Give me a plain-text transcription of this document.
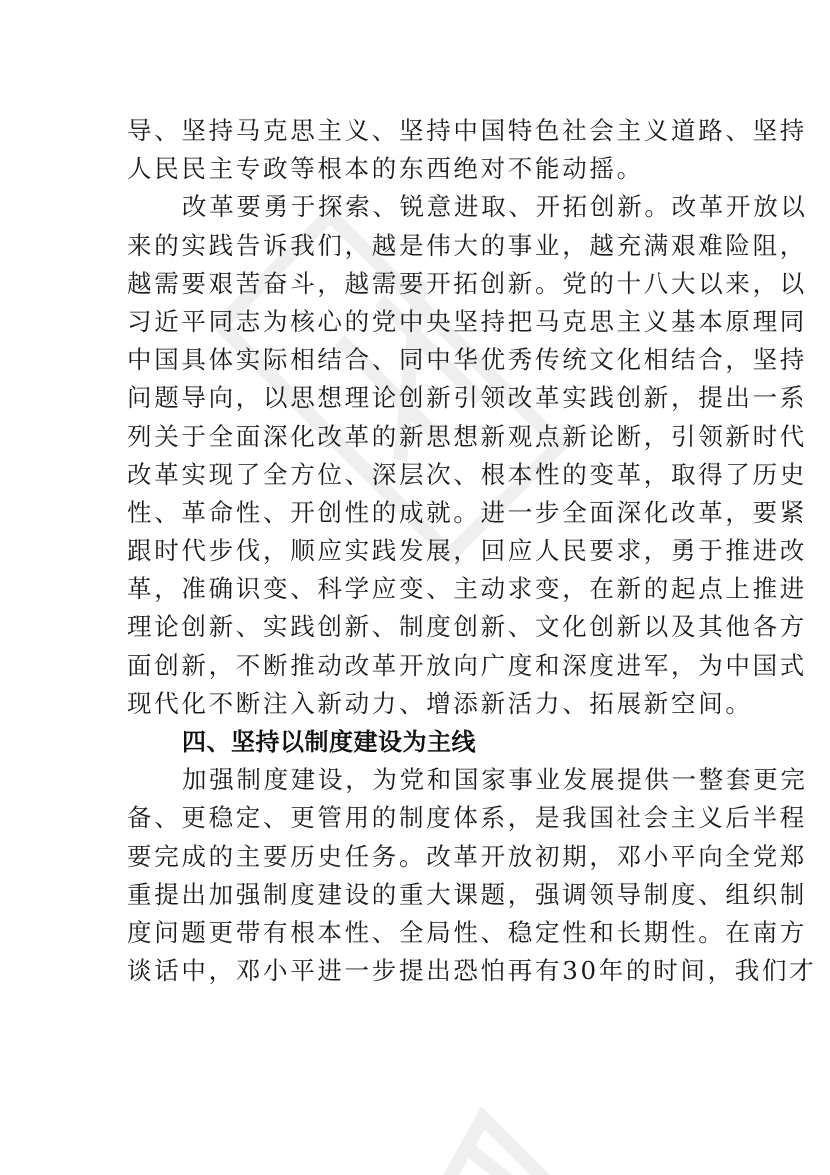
导、坚持马克思主义、坚持中国特色社会主义道路、坚持
人民民主专政等根本的东西绝对不能动摇。
改革要勇于探索、锐意进取、开拓创新。改革开放以
来的实践告诉我们，越是伟大的事业，越充满艰难险阻，
越需要艰苦奋斗，越需要开拓创新。党的十八大以来，以
习近平同志为核心的党中央坚持把马克思主义基本原理同
中国具体实际相结合、同中华优秀传统文化相结合，坚持
问题导向，以思想理论创新引领改革实践创新，提出一系
列关于全面深化改革的新思想新观点新论断，引领新时代
改革实现了全方位、深层次、根本性的变革，取得了历史
性、革命性、开创性的成就。进一步全面深化改革，要紧
跟时代步伐，顺应实践发展，回应人民要求，勇于推进改
革，准确识变、科学应变、主动求变，在新的起点上推进
理论创新、实践创新、制度创新、文化创新以及其他各方
面创新，不断推动改革开放向广度和深度进军，为中国式
现代化不断注入新动力、增添新活力、拓展新空间。
四、坚持以制度建设为主线
加强制度建设，为党和国家事业发展提供一整套更完
备、更稳定、更管用的制度体系，是我国社会主义后半程
要完成的主要历史任务。改革开放初期，邓小平向全党郑
重提出加强制度建设的重大课题，强调领导制度、组织制
度问题更带有根本性、全局性、稳定性和长期性。在南方
谈话中，邓小平进一步提出恐怕再有30年的时间，我们才
